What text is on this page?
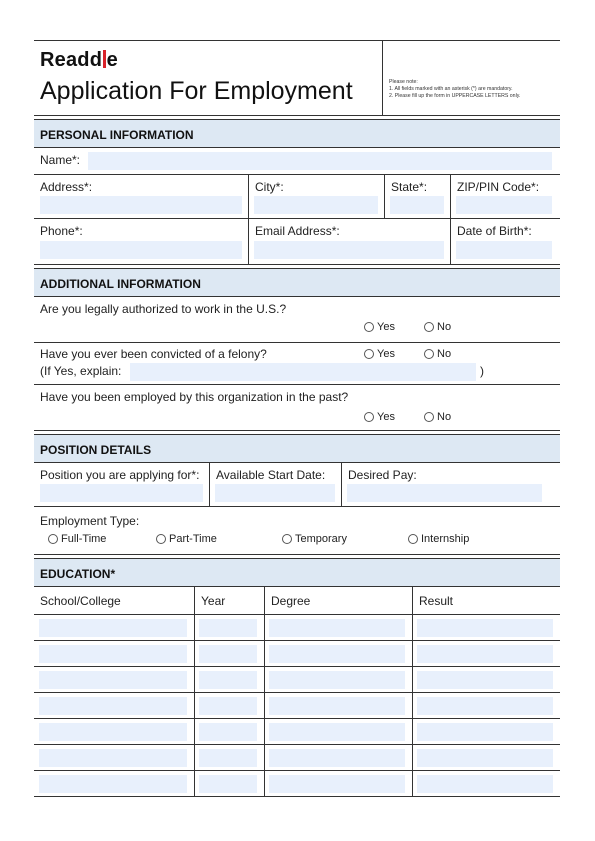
Readd e
Application For Employment	Please note:
1. All fields marked with an asterisk (*) are mandatory.
2. Please fill up the form in UPPERCASE LETTERS only.
PERSONAL INFORMATION
Name*:
Address*:	City*:	State*:	ZIP/PIN Code*:
Phone*:	Email Address*:	Date of Birth*:
ADDITIONAL INFORMATION
Are you legally authorized to work in the U.S.?
Yes	No
Have you ever been convicted of a felony?
(If Yes, explain:
Yes	No
)
Have you been employed by this organization in the past?
Yes	No
POSITION DETAILS
Position you are applying for*:	Available Start Date:	Desired Pay:
Employment Type:
Full-Time	Part-Time	Temporary	Internship
EDUCATION*
School/College	Year	Degree	Result
